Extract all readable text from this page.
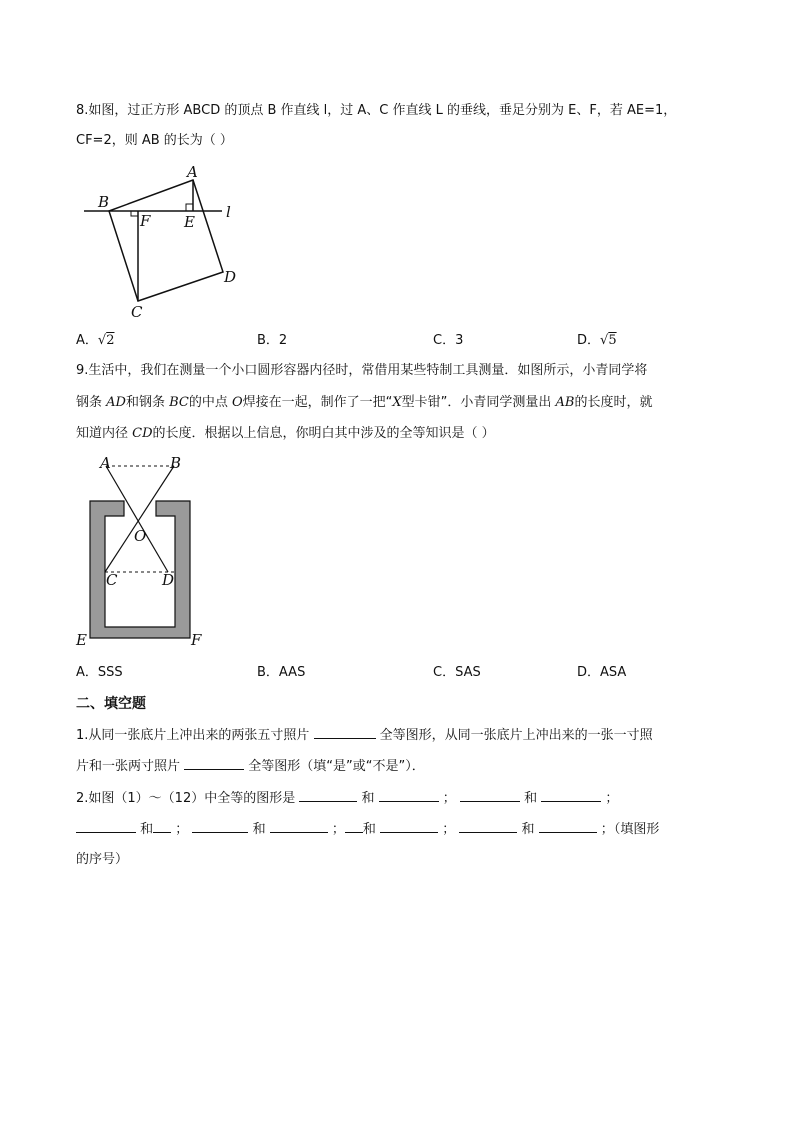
8.如图，过正方形 ABCD 的顶点 B 作直线 l，过 A、C 作直线 L 的垂线，垂足分别为 E、F，若 AE=1，
CF=2，则 AB 的长为（ ）
B
A
F E
l
D
C
A．√2	B．2	C．3	D．√5
9.生活中，我们在测量一个小口圆形容器内径时，常借用某些特制工具测量．如图所示，小青同学将
钢条 AD和钢条 BC的中点 O焊接在一起，制作了一把“X型卡钳”．小青同学测量出 AB的长度时，就
知道内径 CD的长度．根据以上信息，你明白其中涉及的全等知识是（ ）
A	B
O
C	D
E	F
A．SSS	B．AAS	C．SAS	D．ASA
二、填空题
1.从同一张底片上冲出来的两张五寸照片	全等图形，从同一张底片上冲出来的一张一寸照
片和一张两寸照片	全等图形（填“是”或“不是”）．
2.如图（1）～（12）中全等的图形是	和	；	和	；
和 ；	和	； 和	；	和	；（填图形
的序号）
